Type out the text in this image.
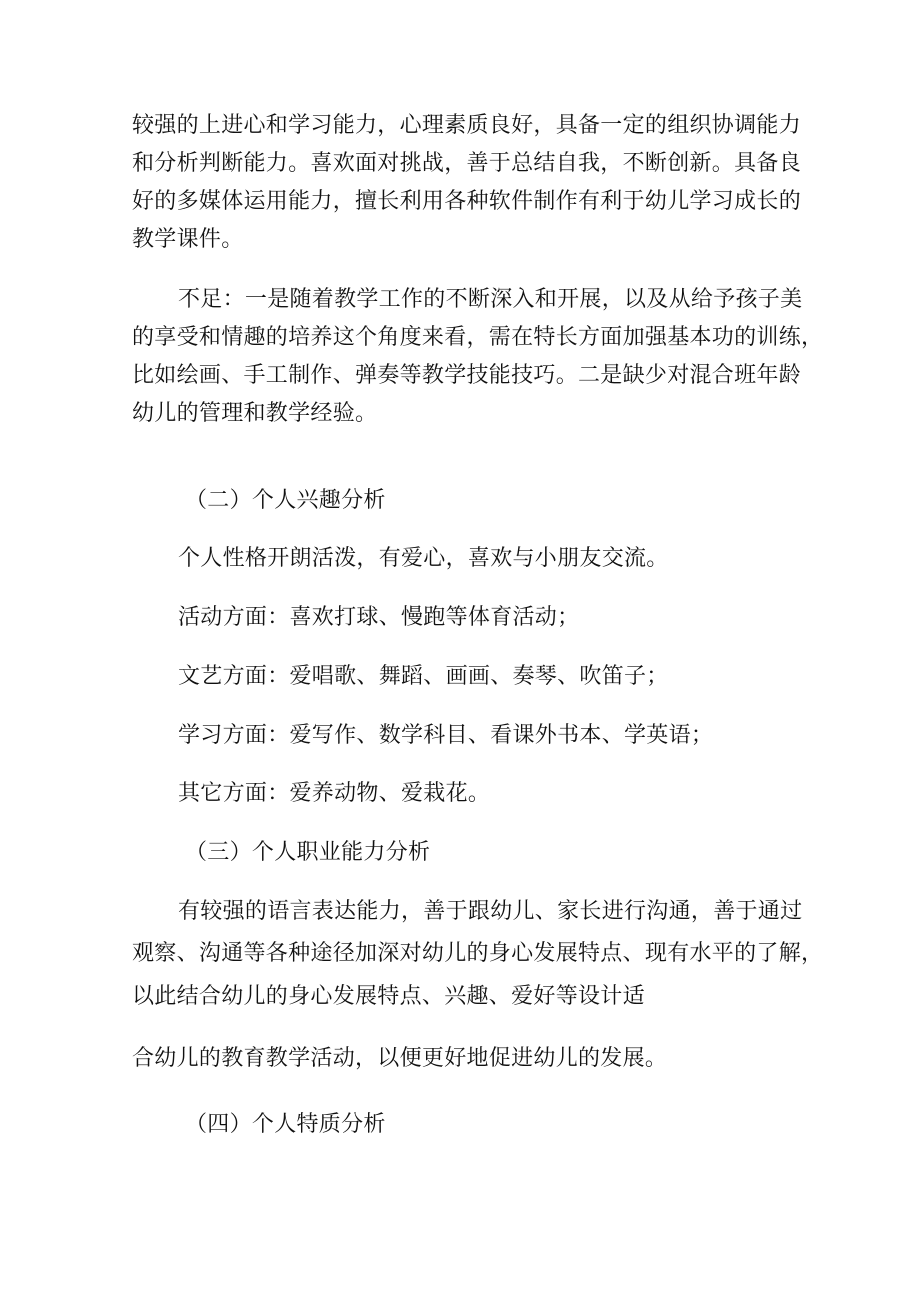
较强的上进心和学习能力，心理素质良好，具备一定的组织协调能力
和分析判断能力。喜欢面对挑战，善于总结自我，不断创新。具备良
好的多媒体运用能力，擅长利用各种软件制作有利于幼儿学习成长的
教学课件。
不足：一是随着教学工作的不断深入和开展，以及从给予孩子美
的享受和情趣的培养这个角度来看，需在特长方面加强基本功的训练，
比如绘画、手工制作、弹奏等教学技能技巧。二是缺少对混合班年龄
幼儿的管理和教学经验。
（二）个人兴趣分析
个人性格开朗活泼，有爱心，喜欢与小朋友交流。
活动方面：喜欢打球、慢跑等体育活动；
文艺方面：爱唱歌、舞蹈、画画、奏琴、吹笛子；
学习方面：爱写作、数学科目、看课外书本、学英语；
其它方面：爱养动物、爱栽花。
（三）个人职业能力分析
有较强的语言表达能力，善于跟幼儿、家长进行沟通，善于通过
观察、沟通等各种途径加深对幼儿的身心发展特点、现有水平的了解，
以此结合幼儿的身心发展特点、兴趣、爱好等设计适
合幼儿的教育教学活动，以便更好地促进幼儿的发展。
（四）个人特质分析
